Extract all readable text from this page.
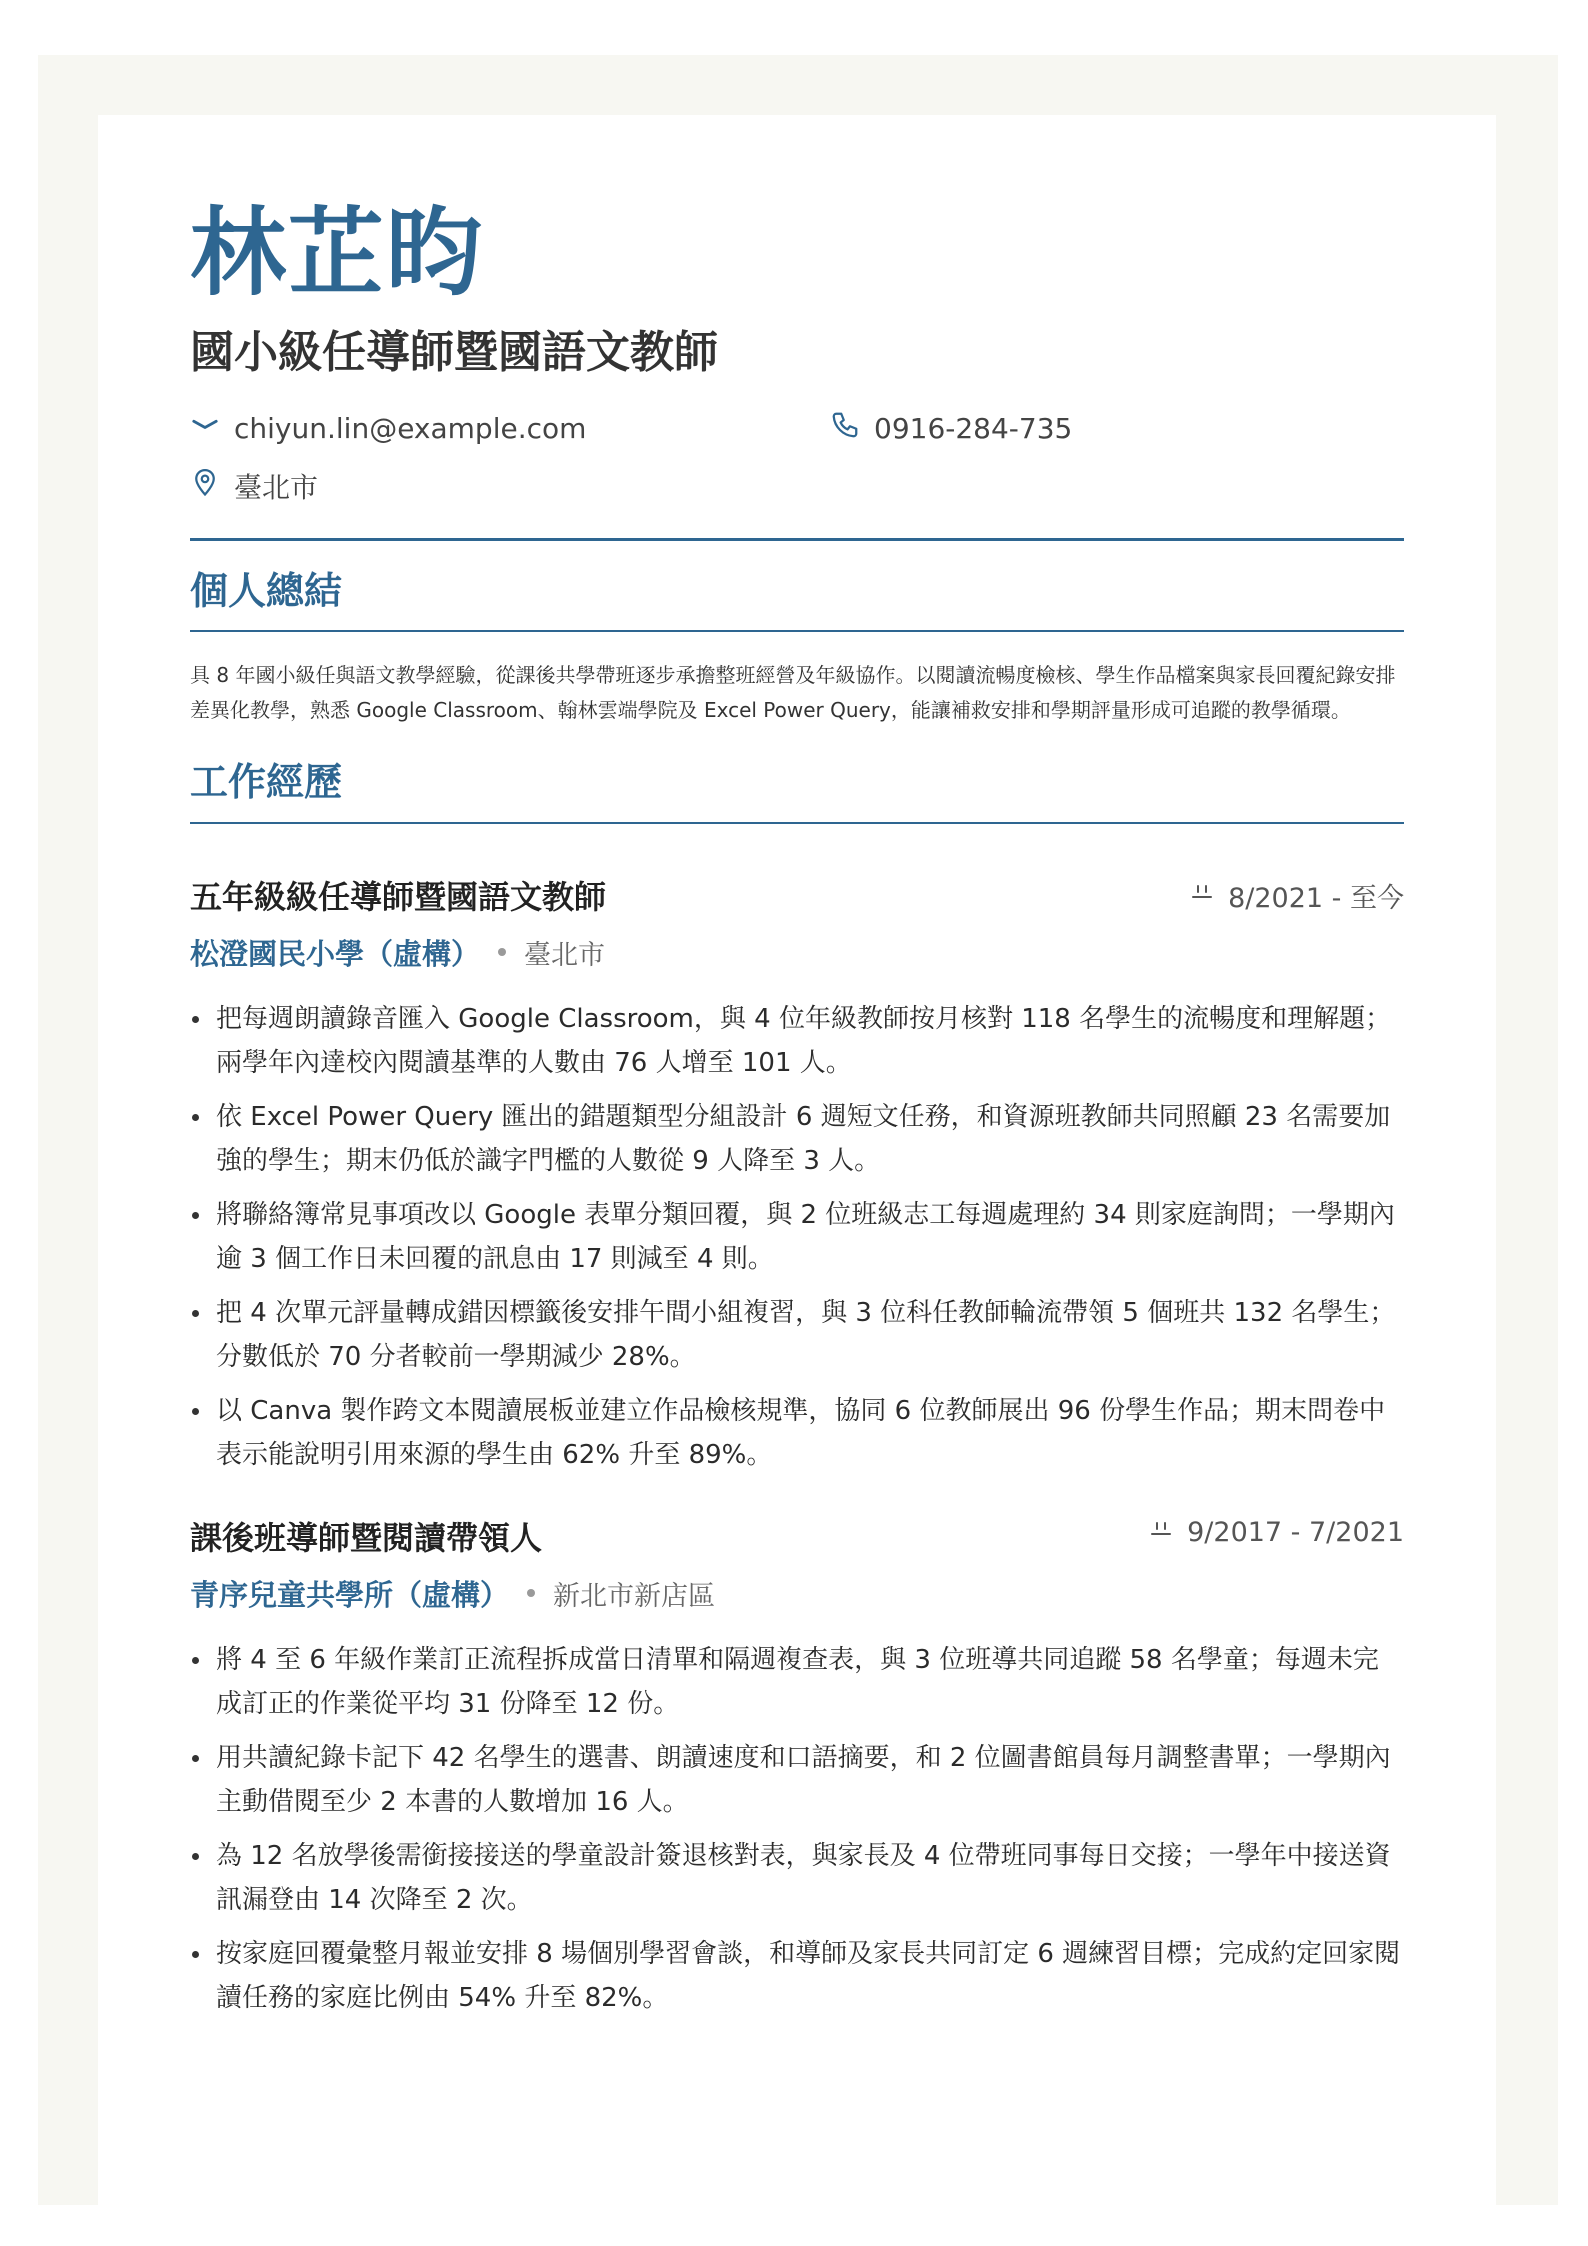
林芷昀
國小級任導師暨國語文教師
chiyun.lin@example.com	0916-284-735
臺北市
個人總結

具 8 年國小級任與語文教學經驗，從課後共學帶班逐步承擔整班經營及年級協作。以閱讀流暢度檢核、學生作品檔案與家長回覆紀錄安排差異化教學，熟悉 Google Classroom、翰林雲端學院及 Excel Power Query，能讓補救安排和學期評量形成可追蹤的教學循環。

工作經歷
五年級級任導師暨國語文教師	8/2021 - 至今
松澄國民小學（虛構） 臺北市
把每週朗讀錄音匯入 Google Classroom，與 4 位年級教師按月核對 118 名學生的流暢度和理解題；兩學年內達校內閱讀基準的人數由 76 人增至 101 人。
依 Excel Power Query 匯出的錯題類型分組設計 6 週短文任務，和資源班教師共同照顧 23 名需要加強的學生；期末仍低於識字門檻的人數從 9 人降至 3 人。
將聯絡簿常見事項改以 Google 表單分類回覆，與 2 位班級志工每週處理約 34 則家庭詢問；一學期內逾 3 個工作日未回覆的訊息由 17 則減至 4 則。
把 4 次單元評量轉成錯因標籤後安排午間小組複習，與 3 位科任教師輪流帶領 5 個班共 132 名學生；分數低於 70 分者較前一學期減少 28%。
以 Canva 製作跨文本閱讀展板並建立作品檢核規準，協同 6 位教師展出 96 份學生作品；期末問卷中表示能說明引用來源的學生由 62% 升至 89%。
課後班導師暨閱讀帶領人	9/2017 - 7/2021
青序兒童共學所（虛構） 新北市新店區
將 4 至 6 年級作業訂正流程拆成當日清單和隔週複查表，與 3 位班導共同追蹤 58 名學童；每週未完成訂正的作業從平均 31 份降至 12 份。
用共讀紀錄卡記下 42 名學生的選書、朗讀速度和口語摘要，和 2 位圖書館員每月調整書單；一學期內主動借閱至少 2 本書的人數增加 16 人。
為 12 名放學後需銜接接送的學童設計簽退核對表，與家長及 4 位帶班同事每日交接；一學年中接送資訊漏登由 14 次降至 2 次。
按家庭回覆彙整月報並安排 8 場個別學習會談，和導師及家長共同訂定 6 週練習目標；完成約定回家閱讀任務的家庭比例由 54% 升至 82%。
